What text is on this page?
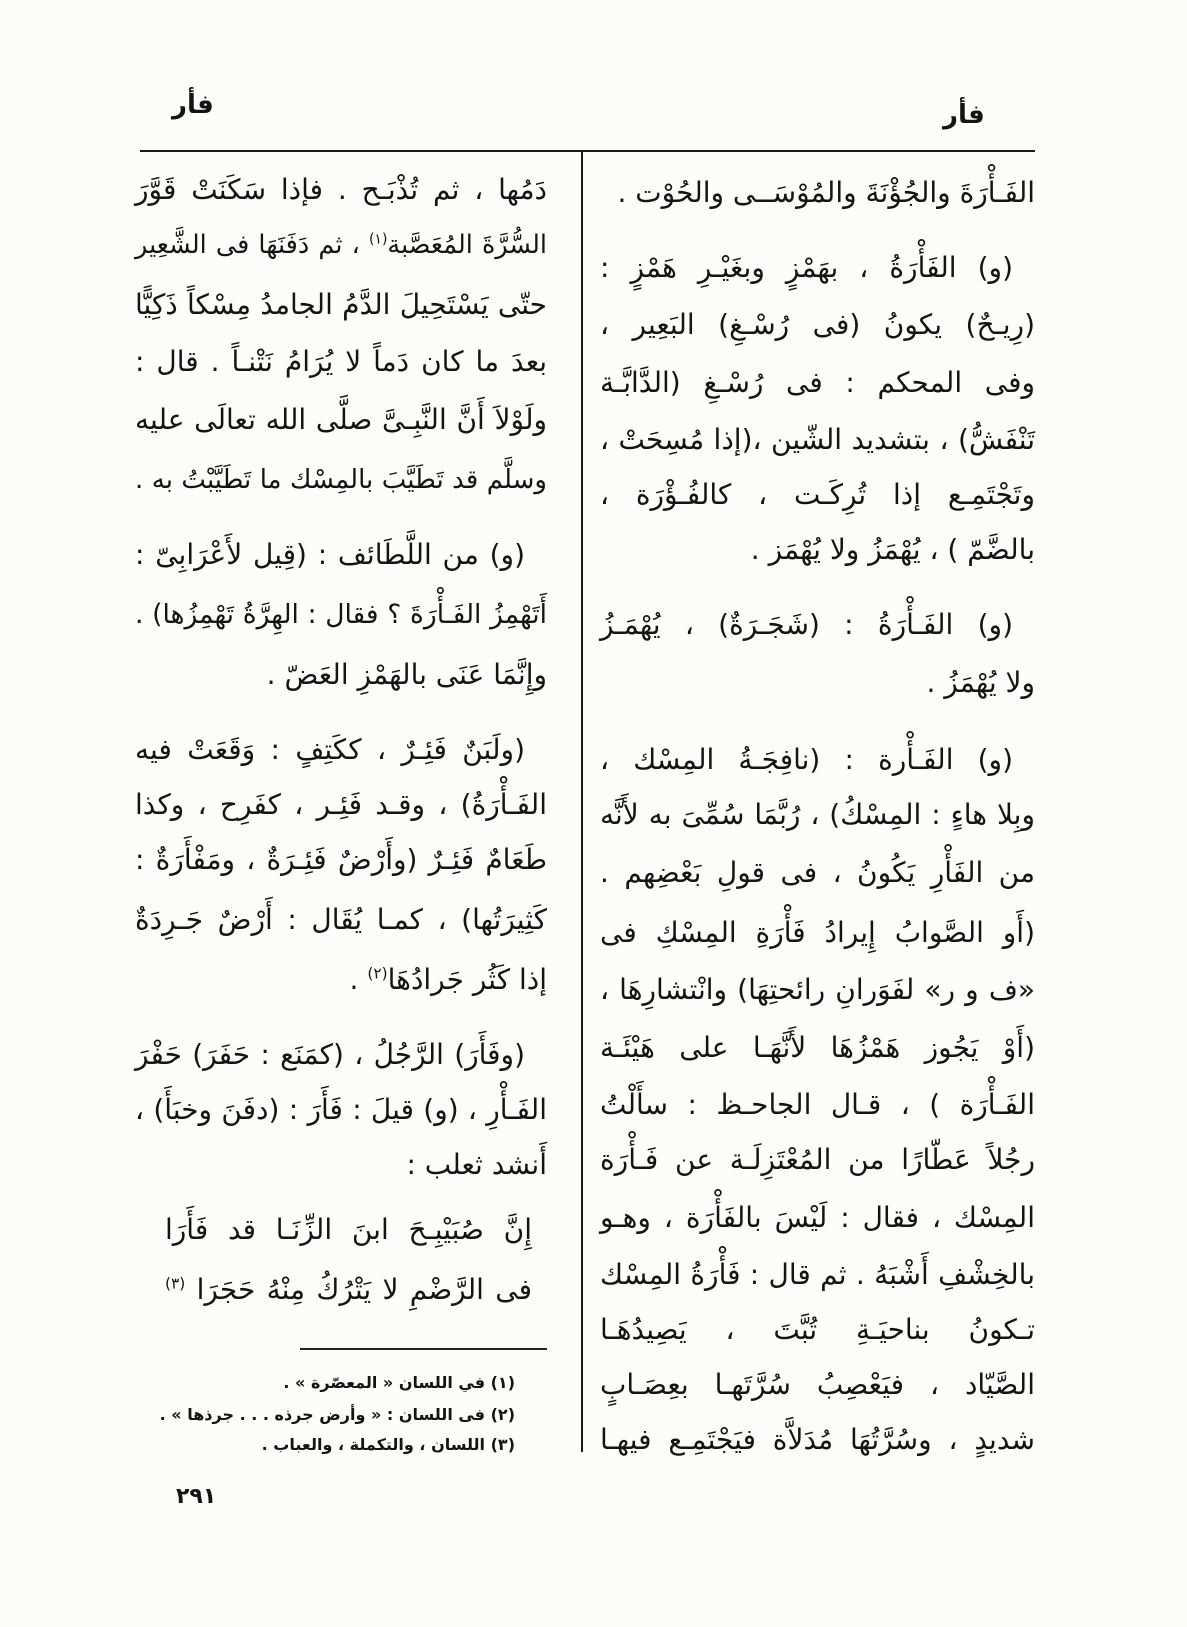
فأر
فأر
الفَـأْرَةَ والجُؤْنَةَ والمُوْسَــى والحُوْت .
(و) الفَأْرَةُ ، بهَمْزٍ وبغَيْـرِ هَمْزٍ :
(رِيـحٌ) يكونُ (فى رُسْـغِ) البَعِير ،
وفى المحكم : فى رُسْـغِ (الدَّابَّـة
تَنْفَشُّ) ، بتشديد الشّين ،(إذا مُسِحَتْ ،
وتَجْتَمِـع إذا تُرِكَـت ، كالفُـؤْرَة ،
بالضَّمّ ) ، يُهْمَزُ ولا يُهْمَز .
(و) الفَـأْرَةُ : (شَجَـرَةٌ) ، يُهْمَـزُ
ولا يُهْمَزُ .
(و) الفَـأْرة : (نافِجَـةُ المِسْك ،
وبِلا هاءٍ : المِسْكُ) ، رُبَّمَا سُمِّىَ به لأَنَّه
من الفَأْرِ يَكُونُ ، فى قولِ بَعْضِهم .
(أَو الصَّوابُ إِيرادُ فَأْرَةِ المِسْكِ فى
«ف و ر» لفَوَرانِ رائحتِهَا) وانْتشارِهَا ،
(أَوْ يَجُوز هَمْزُهَا لأَنَّهَـا على هَيْئَـة
الفَـأْرَة ) ، قـال الجاحـظ : سأَلْتُ
رجُلاً عَطّارًا من المُعْتَزِلَـة عن فَـأْرَة
المِسْك ، فقال : لَيْسَ بالفَأْرَة ، وهـو
بالخِشْفِ أَشْبَهُ . ثم قال : فَأْرَةُ المِسْك
تـكونُ بناحيَـةِ تُبَّتَ ، يَصِيدُهَـا
الصَّيّاد ، فيَعْصِبُ سُرَّتَهـا بعِصَـابٍ
شديدٍ ، وسُرَّتُهَا مُدَلاَّة فيَجْتَمِـع فيهـا
دَمُها ، ثم تُذْبَـح . فإذا سَكَنَتْ قَوَّرَ
السُّرَّةَ المُعَصَّبة$^{(١)}$ ، ثم دَفَنَهَا فى الشَّعِير
حتّى يَسْتَحِيلَ الدَّمُ الجامدُ مِسْكاً ذَكِيًّا
بعدَ ما كان دَماً لا يُرَامُ نَتْنـاً . قال :
ولَوْلاَ أَنَّ النَّبِـىَّ صلَّى الله تعالَى عليه
وسلَّم قد تَطَيَّبَ بالمِسْك ما تَطَيَّبْتُ به .
(و) من اللَّطَائف : (قِيل لأَعْرَابِىّ :
أَتَهْمِزُ الفَـأْرَةَ ؟ فقال : الهِرَّةُ تَهْمِزُها) .
وإِنَّمَا عَنَى بالهَمْزِ العَضّ .
(ولَبَنٌ فَئِـرٌ ، ككَتِفٍ : وَقَعَتْ فيه
الفَـأْرَةُ) ، وقـد فَئِـر ، كفَرِح ، وكذا
طَعَامٌ فَئِـرٌ (وأَرْضٌ فَئِـرَةٌ ، ومَفْأَرَةٌ :
كَثِيرَتُها) ، كمـا يُقَال : أَرْضٌ جَـرِدَةٌ
إذا كَثُر جَرادُهَا$^{(٢)}$ .
(وفَأَرَ) الرَّجُلُ ، (كمَنَع : حَفَرَ) حَفْرَ
الفَـأْرِ ، (و) قيلَ : فَأَرَ : (دفَنَ وخبَأَ) ،
أَنشد ثعلب :
إِنَّ صُبَيْبِـحَ ابنَ الزِّنَـا قد فَأَرَا
فى الرَّضْمِ لا يَتْرُكُ مِنْهُ حَجَرَا $^{(٣)}$
(١) في اللسان « المعصّرة » .
(٢) فى اللسان : « وأرض جرذه . . . جرذها » .
(٣) اللسان ، والتكملة ، والعباب .
٢٩١
